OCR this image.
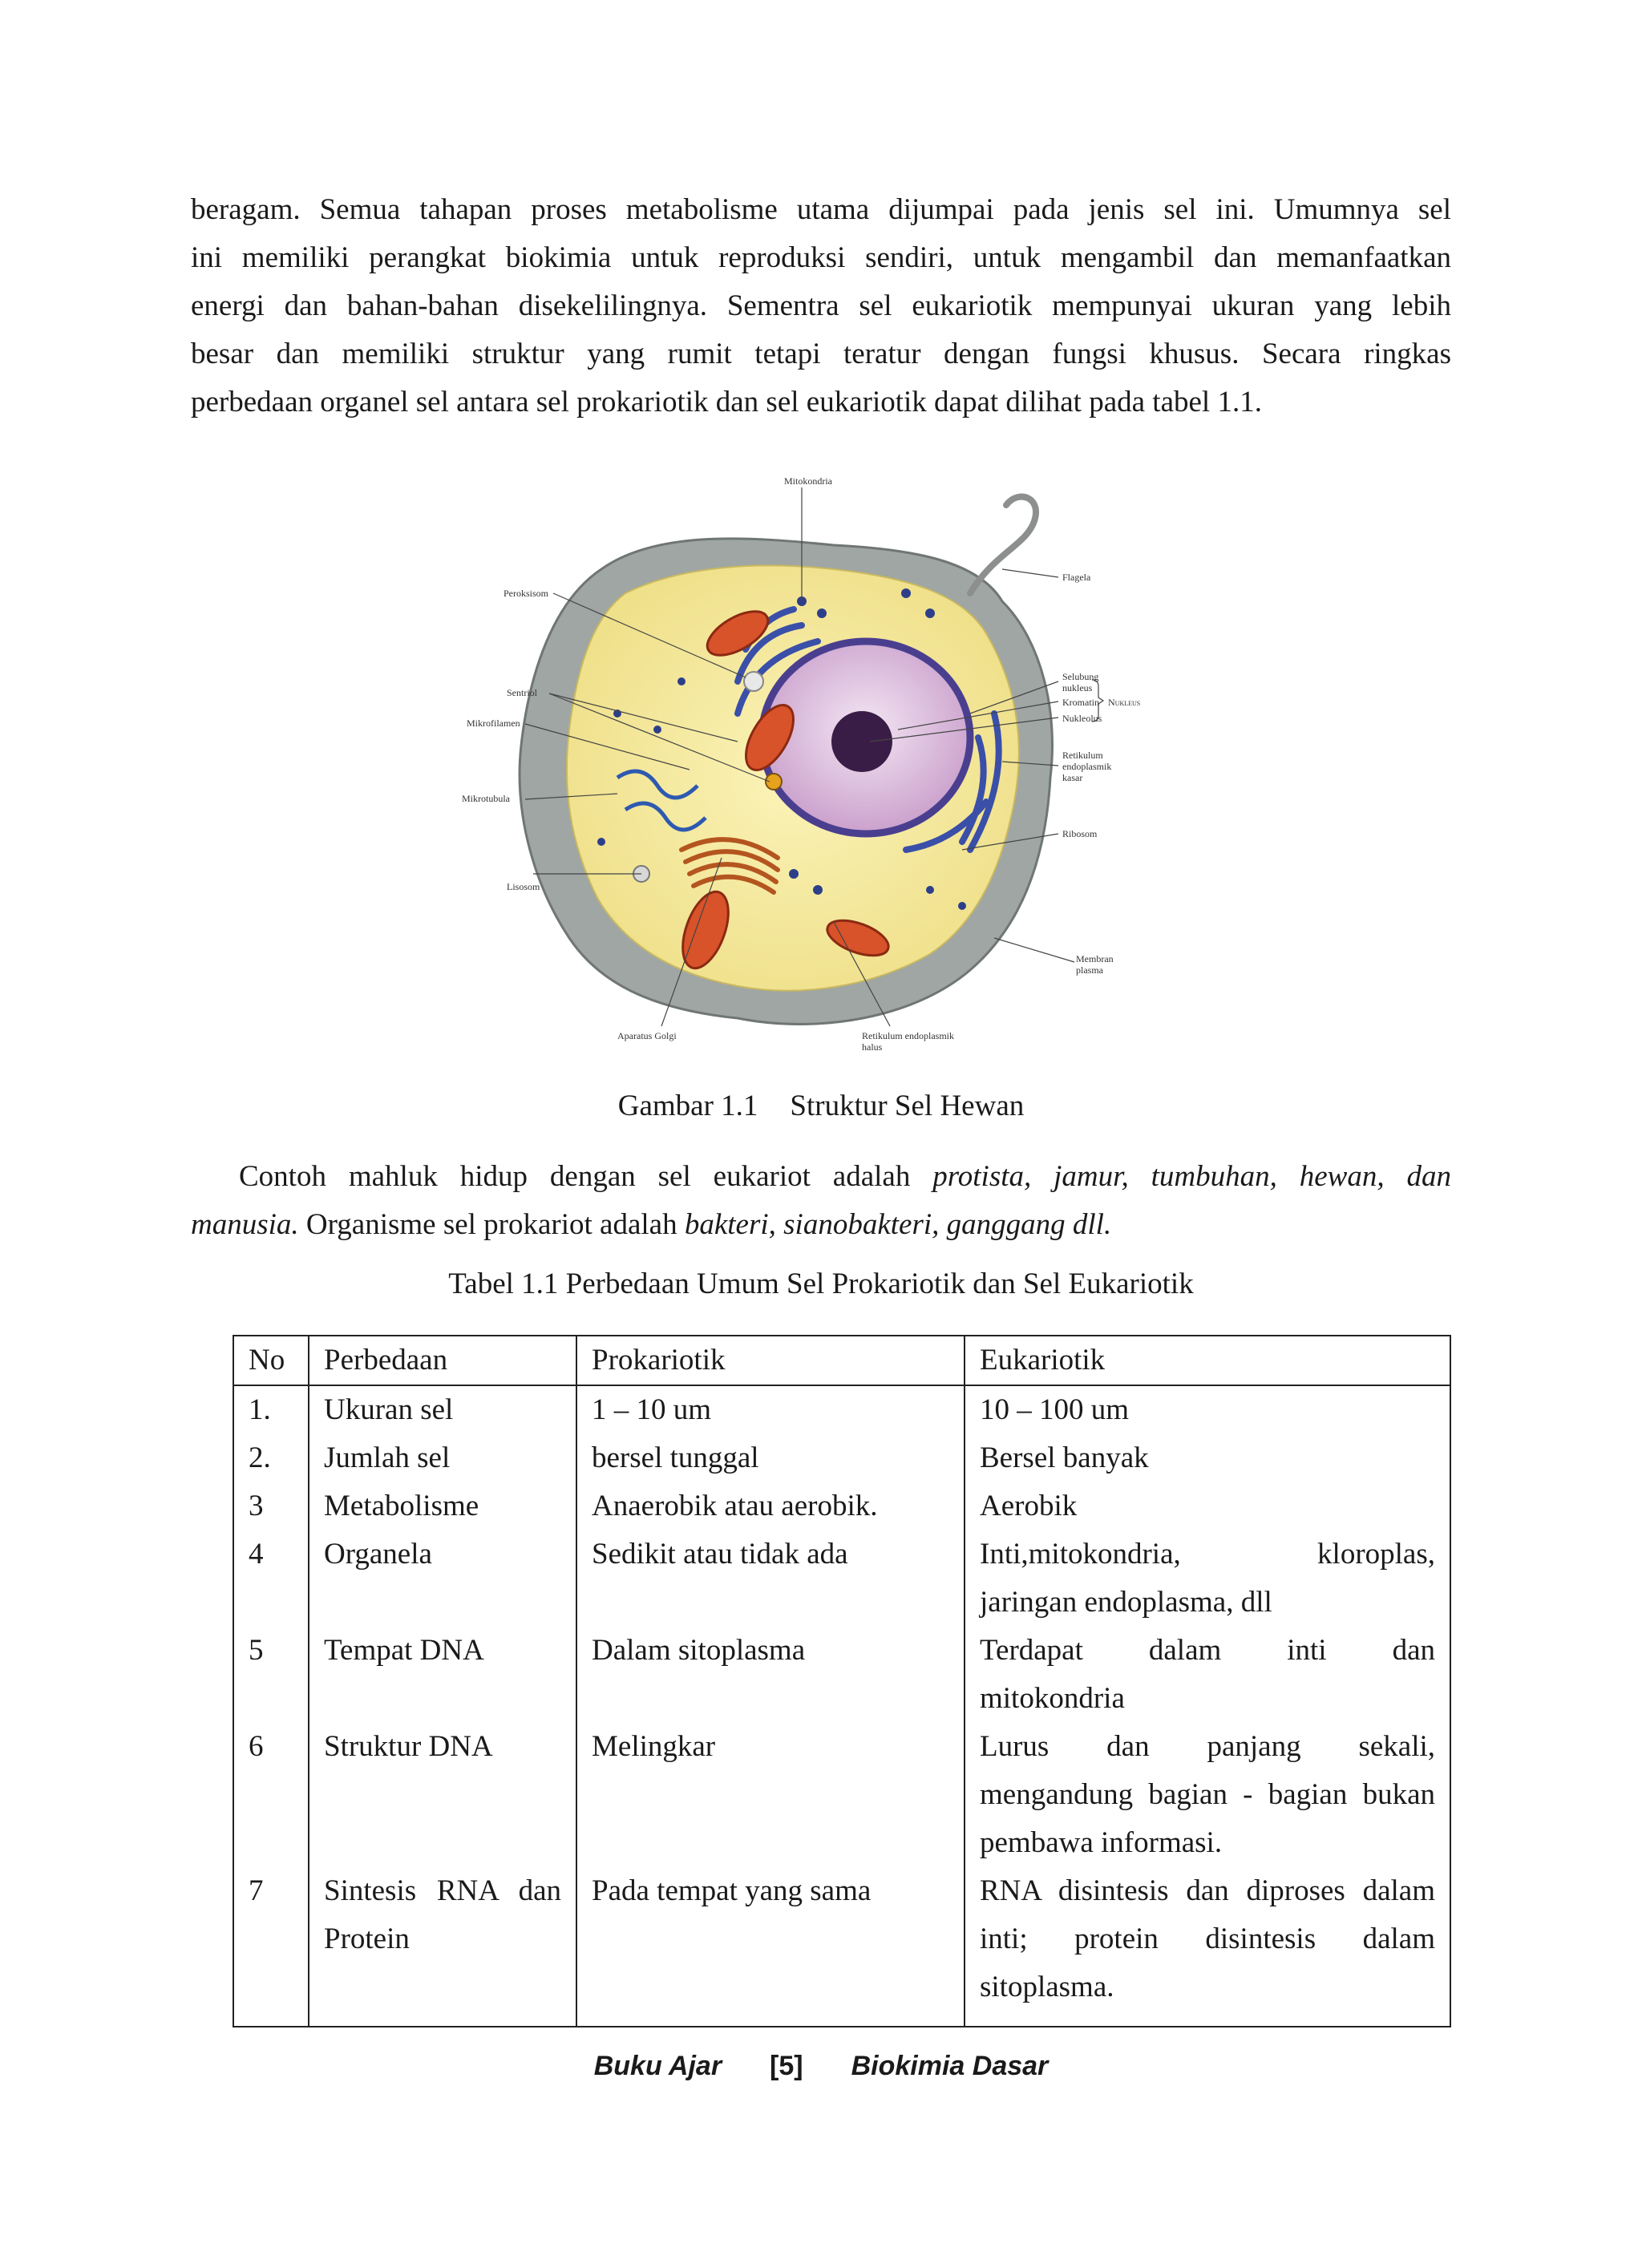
beragam. Semua tahapan proses metabolisme utama dijumpai pada jenis sel ini. Umumnya sel
ini memiliki perangkat biokimia untuk reproduksi sendiri, untuk mengambil dan memanfaatkan
energi dan bahan-bahan disekelilingnya. Sementra sel eukariotik mempunyai ukuran yang lebih
besar dan memiliki struktur yang rumit tetapi teratur dengan fungsi khusus. Secara ringkas
perbedaan organel sel antara sel prokariotik dan sel eukariotik dapat dilihat pada tabel 1.1.
Mitokondria
Flagela
Peroksisom
Sentriol
Mikrofilamen
Mikrotubula
Lisosom
Aparatus Golgi	Retikulum endoplasmik
halus
Selubung
nukleus
Kromatin
Nukleolus
Nukleus
Retikulum
endoplasmik
kasar
Ribosom
Membran
plasma
Gambar 1.1 Struktur Sel Hewan
Contoh mahluk hidup dengan sel eukariot adalah protista, jamur, tumbuhan, hewan, dan
manusia. Organisme sel prokariot adalah bakteri, sianobakteri, ganggang dll.
Tabel 1.1 Perbedaan Umum Sel Prokariotik dan Sel Eukariotik
No	Perbedaan	Prokariotik	Eukariotik
1.	Ukuran sel	1 – 10 um	10 – 100 um

2.	Jumlah sel	bersel tunggal	Bersel banyak

3	Metabolisme	Anaerobik atau aerobik.	Aerobik

4	Organela	Sedikit atau tidak ada	Inti,mitokondria, kloroplas,
jaringan endoplasma, dll

5	Tempat DNA	Dalam sitoplasma	Terdapat dalam inti dan
mitokondria

6	Struktur DNA	Melingkar	Lurus dan panjang sekali,
mengandung bagian - bagian bukan
pembawa informasi.

7	Sintesis RNA dan
Protein	Pada tempat yang sama	RNA disintesis dan diproses dalam
inti; protein disintesis dalam
sitoplasma.
Buku Ajar [5] Biokimia Dasar
